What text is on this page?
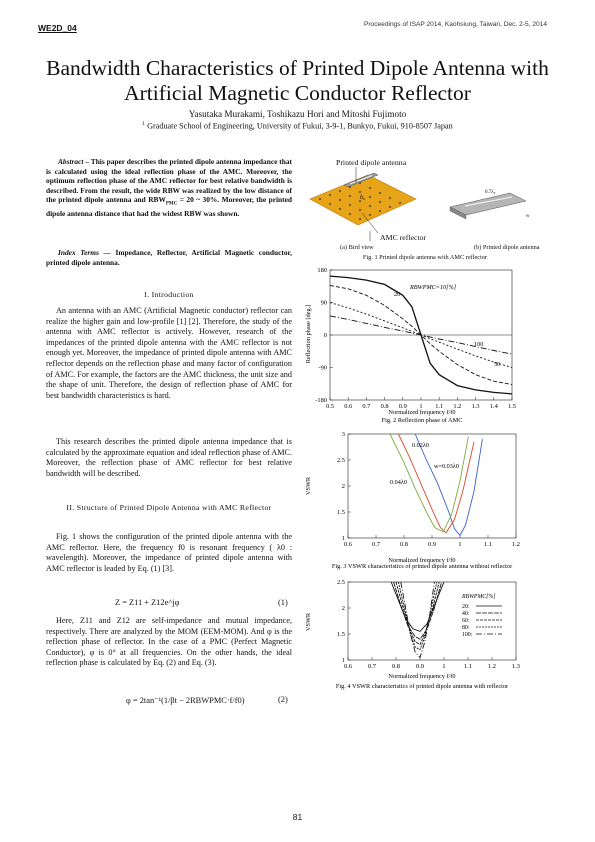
WE2D_04	Proceedings of ISAP 2014, Kaohsiung, Taiwan, Dec. 2-5, 2014
Bandwidth Characteristics of Printed Dipole Antenna with Artificial Magnetic Conductor Reflector
Yasutaka Murakami, Toshikazu Hori and Mitoshi Fujimoto
$^1$ Graduate School of Engineering, University of Fukui, 3-9-1, Bunkyo, Fukui, 910-8507 Japan
Abstract – This paper describes the printed dipole antenna impedance that is calculated using the ideal reflection phase of the AMC. Moreover, the optimum reflection phase of the AMC reflector for best relative bandwidth is described. From the result, the wide RBW was realized by the low distance of the printed dipole antenna and $RBW_{PMC} = 20$ ~ 30%. Moreover, the printed dipole antenna distance that had the widest RBW was shown.
Index Terms — Impedance, Reflector, Artificial Magnetic conductor, printed dipole antenna.
I. Introduction
An antenna with an AMC (Artificial Magnetic conductor) reflector can realize the higher gain and low-profile [1] [2]. Therefore, the study of the antenna with AMC reflector is actively. However, research of the impedances of the printed dipole antenna with the AMC reflector is not enough yet. Moreover, the impedance of printed dipole antenna with AMC reflector depends on the reflection phase and many factor of configuration of AMC. For example, the factors are the AMC thickness, the unit size and the shape of unit. Therefore, the design of reflection phase of AMC for best bandwidth characteristics is hard.
This research describes the printed dipole antenna impedance that is calculated by the approximate equation and ideal reflection phase of AMC. Moreover, the reflection phase of AMC reflector for best relative bandwidth will be described.
II. Structure of Printed Dipole Antenna with AMC Reflector
Fig. 1 shows the configuration of the printed dipole antenna with the AMC reflector. Here, the frequency f0 is resonant frequency ( λ0 : wavelength). Moreover, the impedance of printed dipole antenna with AMC reflector is leaded by Eq. (1) [3].
Z = Z11 + Z12e^jφ	(1)
Here, Z11 and Z12 are self-impedance and mutual impedance, respectively. There are analyzed by the MOM (EEM-MOM). And φ is the reflection phase of reflector. In the case of a PMC (Perfect Magnetic Conductor), φ is 0° at all frequencies. On the other hands, the ideal reflection phase is calculated by Eq. (2) and Eq. (3).
φ = 2tan⁻¹(1/βt − 2RBWPMC·f/f0)	(2)
h₀
0.7λ₀
w
Printed dipole antenna
AMC reflector
(a) Bird view	(b) Printed dipole antenna
Fig. 1 Printed dipole antenna with AMC reflector
180
90
0
-90
-180
0.5 0.6 0.7 0.8 0.9 1 1.1 1.2 1.3 1.4 1.5
Normalized frequency f/f0
Reflection phase [deg.]
RBWPMC=10[%]
20
50
100
Fig. 2 Reflection phase of AMC
3
2.5
2
1.5
1
0.6	0.7	0.8	0.9	1	1.1	1.2
Normalized frequency f/f0
VSWR
0.02λ0
w=0.03λ0
0.04λ0
Fig. 3 VSWR characteristics of printed dipole antenna without reflector
2.5
2
1.5
1
0.6	0.7	0.8	0.9	1	1.1	1.2	1.3
Normalized frequency f/f0
VSWR
RBWPMC[%]
20:
40:
60:
80:
100:
Fig. 4 VSWR characteristics of printed dipole antenna with reflector
81
